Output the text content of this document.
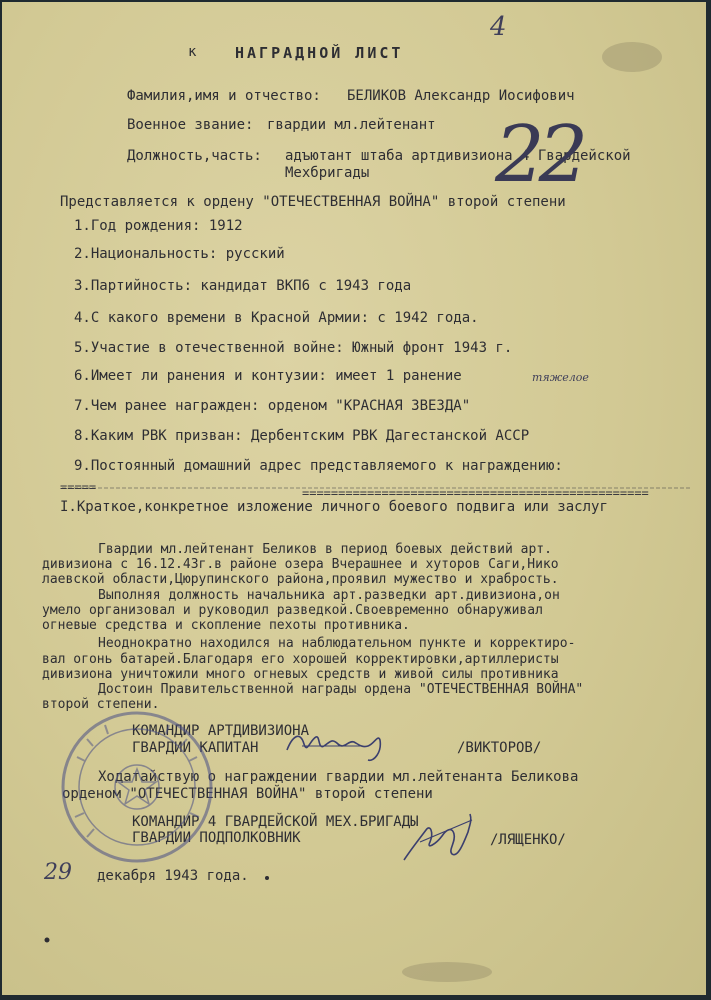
к
4
НАГРАДНОЙ ЛИСТ
Фамилия,имя и отчество: БЕЛИКОВ Александр Иосифович
Военное звание: гвардии мл.лейтенант
Должность,часть: адъютант штаба артдивизиона 4 Гвардейской
Мехбригады 22
Представляется к ордену "ОТЕЧЕСТВЕННАЯ ВОЙНА" второй степени
1.Год рождения: 1912
2.Национальность: русский
3.Партийность: кандидат ВКП6 с 1943 года
4.С какого времени в Красной Армии: с 1942 года.
5.Участие в отечественной войне: Южный фронт 1943 г.
6.Имеет ли ранения и контузии: имеет 1 ранение	тяжелое
7.Чем ранее награжден: орденом "КРАСНАЯ ЗВЕЗДА"
8.Каким РВК призван: Дербентским РВК Дагестанской АССР
9.Постоянный домашний адрес представляемого к награждению:
=====	================================================
I.Краткое,конкретное изложение личного боевого подвига или заслуг
Гвардии мл.лейтенант Беликов в период боевых действий арт.
дивизиона с 16.12.43г.в районе озера Вчерашнее и хуторов Саги,Нико
лаевской области,Цюрупинского района,проявил мужество и храбрость.
Выполняя должность начальника арт.разведки арт.дивизиона,он
умело организовал и руководил разведкой.Своевременно обнаруживал
огневые средства и скопление пехоты противника.
Неоднократно находился на наблюдательном пункте и корректиро-
вал огонь батарей.Благодаря его хорошей корректировки,артиллеристы
дивизиона уничтожили много огневых средств и живой силы противника
Достоин Правительственной награды ордена "ОТЕЧЕСТВЕННАЯ ВОЙНА"
второй степени.
КОМАНДИР АРТДИВИЗИОНА
ГВАРДИИ КАПИТАН	/ВИКТОРОВ/
Ходатайствую о награждении гвардии мл.лейтенанта Беликова
орденом "ОТЕЧЕСТВЕННАЯ ВОЙНА" второй степени
КОМАНДИР 4 ГВАРДЕЙСКОЙ МЕХ.БРИГАДЫ
ГВАРДИИ ПОДПОЛКОВНИК	/ЛЯЩЕНКО/
29 декабря 1943 года.
